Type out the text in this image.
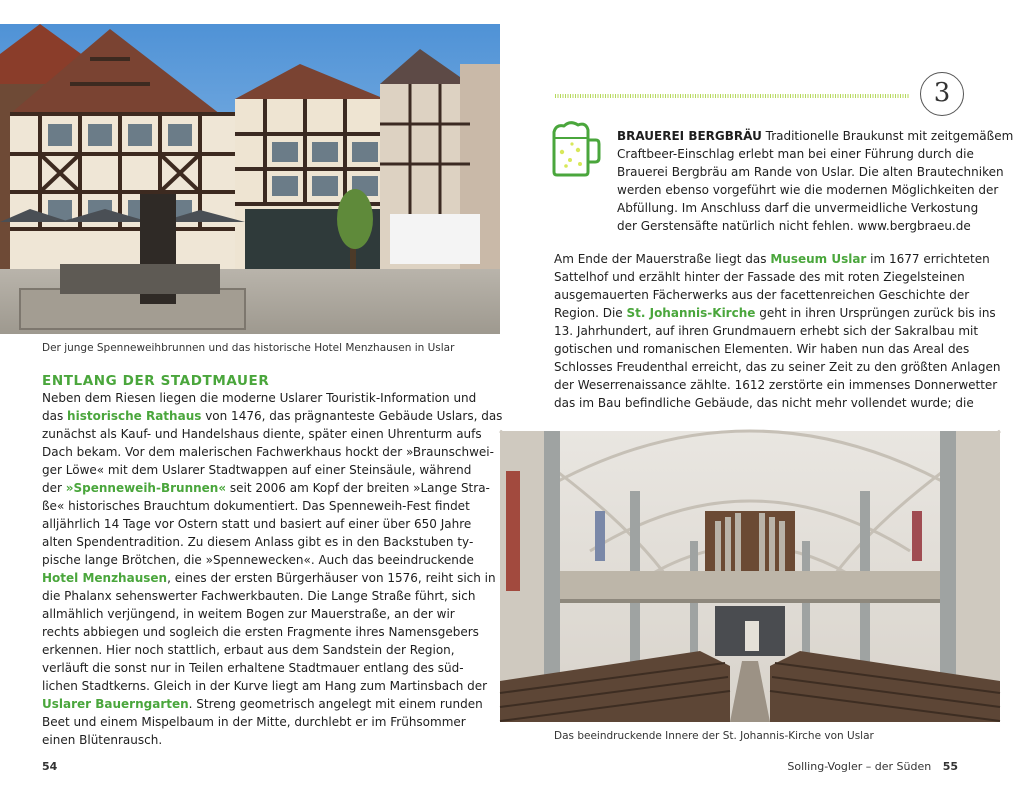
Der junge Spenneweihbrunnen und das historische Hotel Menzhausen in Uslar
ENTLANG DER STADTMAUER
Neben dem Riesen liegen die moderne Uslarer Touristik-Information und
das historische Rathaus von 1476, das prägnanteste Gebäude Uslars, das
zunächst als Kauf- und Handelshaus diente, später einen Uhrenturm aufs
Dach bekam. Vor dem malerischen Fachwerkhaus hockt der »Braunschwei-
ger Löwe« mit dem Uslarer Stadtwappen auf einer Steinsäule, während
der »Spenneweih-Brunnen« seit 2006 am Kopf der breiten »Lange Stra-
ße« historisches Brauchtum dokumentiert. Das Spenneweih-Fest findet
alljährlich 14 Tage vor Ostern statt und basiert auf einer über 650 Jahre
alten Spendentradition. Zu diesem Anlass gibt es in den Backstuben ty-
pische lange Brötchen, die »Spennewecken«. Auch das beeindruckende
Hotel Menzhausen, eines der ersten Bürgerhäuser von 1576, reiht sich in
die Phalanx sehenswerter Fachwerkbauten. Die Lange Straße führt, sich
allmählich verjüngend, in weitem Bogen zur Mauerstraße, an der wir
rechts abbiegen und sogleich die ersten Fragmente ihres Namensgebers
erkennen. Hier noch stattlich, erbaut aus dem Sandstein der Region,
verläuft die sonst nur in Teilen erhaltene Stadtmauer entlang des süd-
lichen Stadtkerns. Gleich in der Kurve liegt am Hang zum Martinsbach der
Uslarer Bauerngarten. Streng geometrisch angelegt mit einem runden
Beet und einem Mispelbaum in der Mitte, durchlebt er im Frühsommer
einen Blütenrausch.
54
3
BRAUEREI BERGBRÄU Traditionelle Braukunst mit zeitgemäßem
Craftbeer-Einschlag erlebt man bei einer Führung durch die
Brauerei Bergbräu am Rande von Uslar. Die alten Brautechniken
werden ebenso vorgeführt wie die modernen Möglichkeiten der
Abfüllung. Im Anschluss darf die unvermeidliche Verkostung
der Gerstensäfte natürlich nicht fehlen. www.bergbraeu.de
Am Ende der Mauerstraße liegt das Museum Uslar im 1677 errichteten
Sattelhof und erzählt hinter der Fassade des mit roten Ziegelsteinen
ausgemauerten Fächerwerks aus der facettenreichen Geschichte der
Region. Die St. Johannis-Kirche geht in ihren Ursprüngen zurück bis ins
13. Jahrhundert, auf ihren Grundmauern erhebt sich der Sakralbau mit
gotischen und romanischen Elementen. Wir haben nun das Areal des
Schlosses Freudenthal erreicht, das zu seiner Zeit zu den größten Anlagen
der Weserrenaissance zählte. 1612 zerstörte ein immenses Donnerwetter
das im Bau befindliche Gebäude, das nicht mehr vollendet wurde; die
Das beeindruckende Innere der St. Johannis-Kirche von Uslar
Solling-Vogler – der Süden 55
